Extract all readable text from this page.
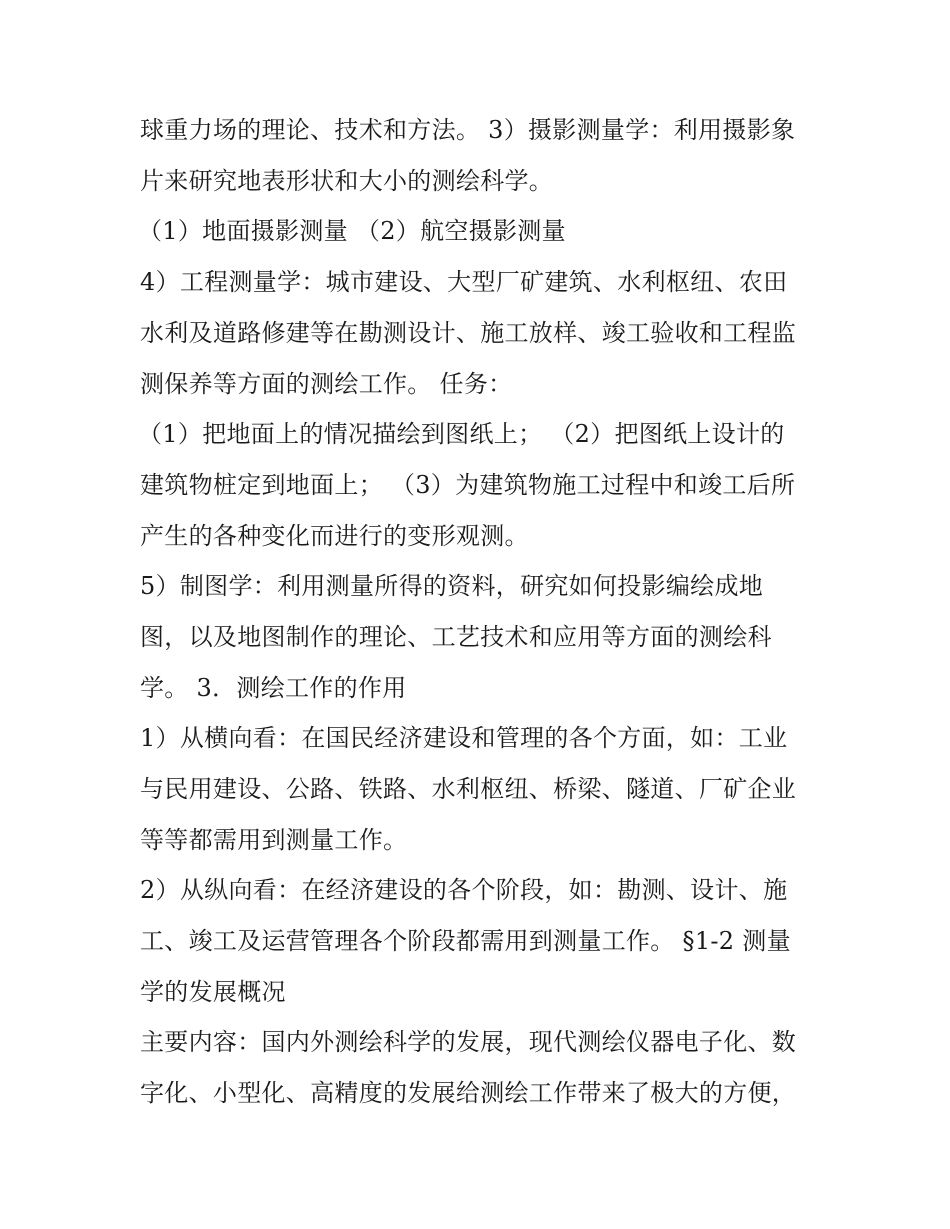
球重力场的理论、技术和方法。 3）摄影测量学：利用摄影象
片来研究地表形状和大小的测绘科学。
（1）地面摄影测量 （2）航空摄影测量
4）工程测量学：城市建设、大型厂矿建筑、水利枢纽、农田
水利及道路修建等在勘测设计、施工放样、竣工验收和工程监
测保养等方面的测绘工作。 任务：
（1）把地面上的情况描绘到图纸上； （2）把图纸上设计的
建筑物桩定到地面上； （3）为建筑物施工过程中和竣工后所
产生的各种变化而进行的变形观测。
5）制图学：利用测量所得的资料，研究如何投影编绘成地
图，以及地图制作的理论、工艺技术和应用等方面的测绘科
学。 3．测绘工作的作用
1）从横向看：在国民经济建设和管理的各个方面，如：工业
与民用建设、公路、铁路、水利枢纽、桥梁、隧道、厂矿企业
等等都需用到测量工作。
2）从纵向看：在经济建设的各个阶段，如：勘测、设计、施
工、竣工及运营管理各个阶段都需用到测量工作。 §1-2 测量
学的发展概况
主要内容：国内外测绘科学的发展，现代测绘仪器电子化、数
字化、小型化、高精度的发展给测绘工作带来了极大的方便，
